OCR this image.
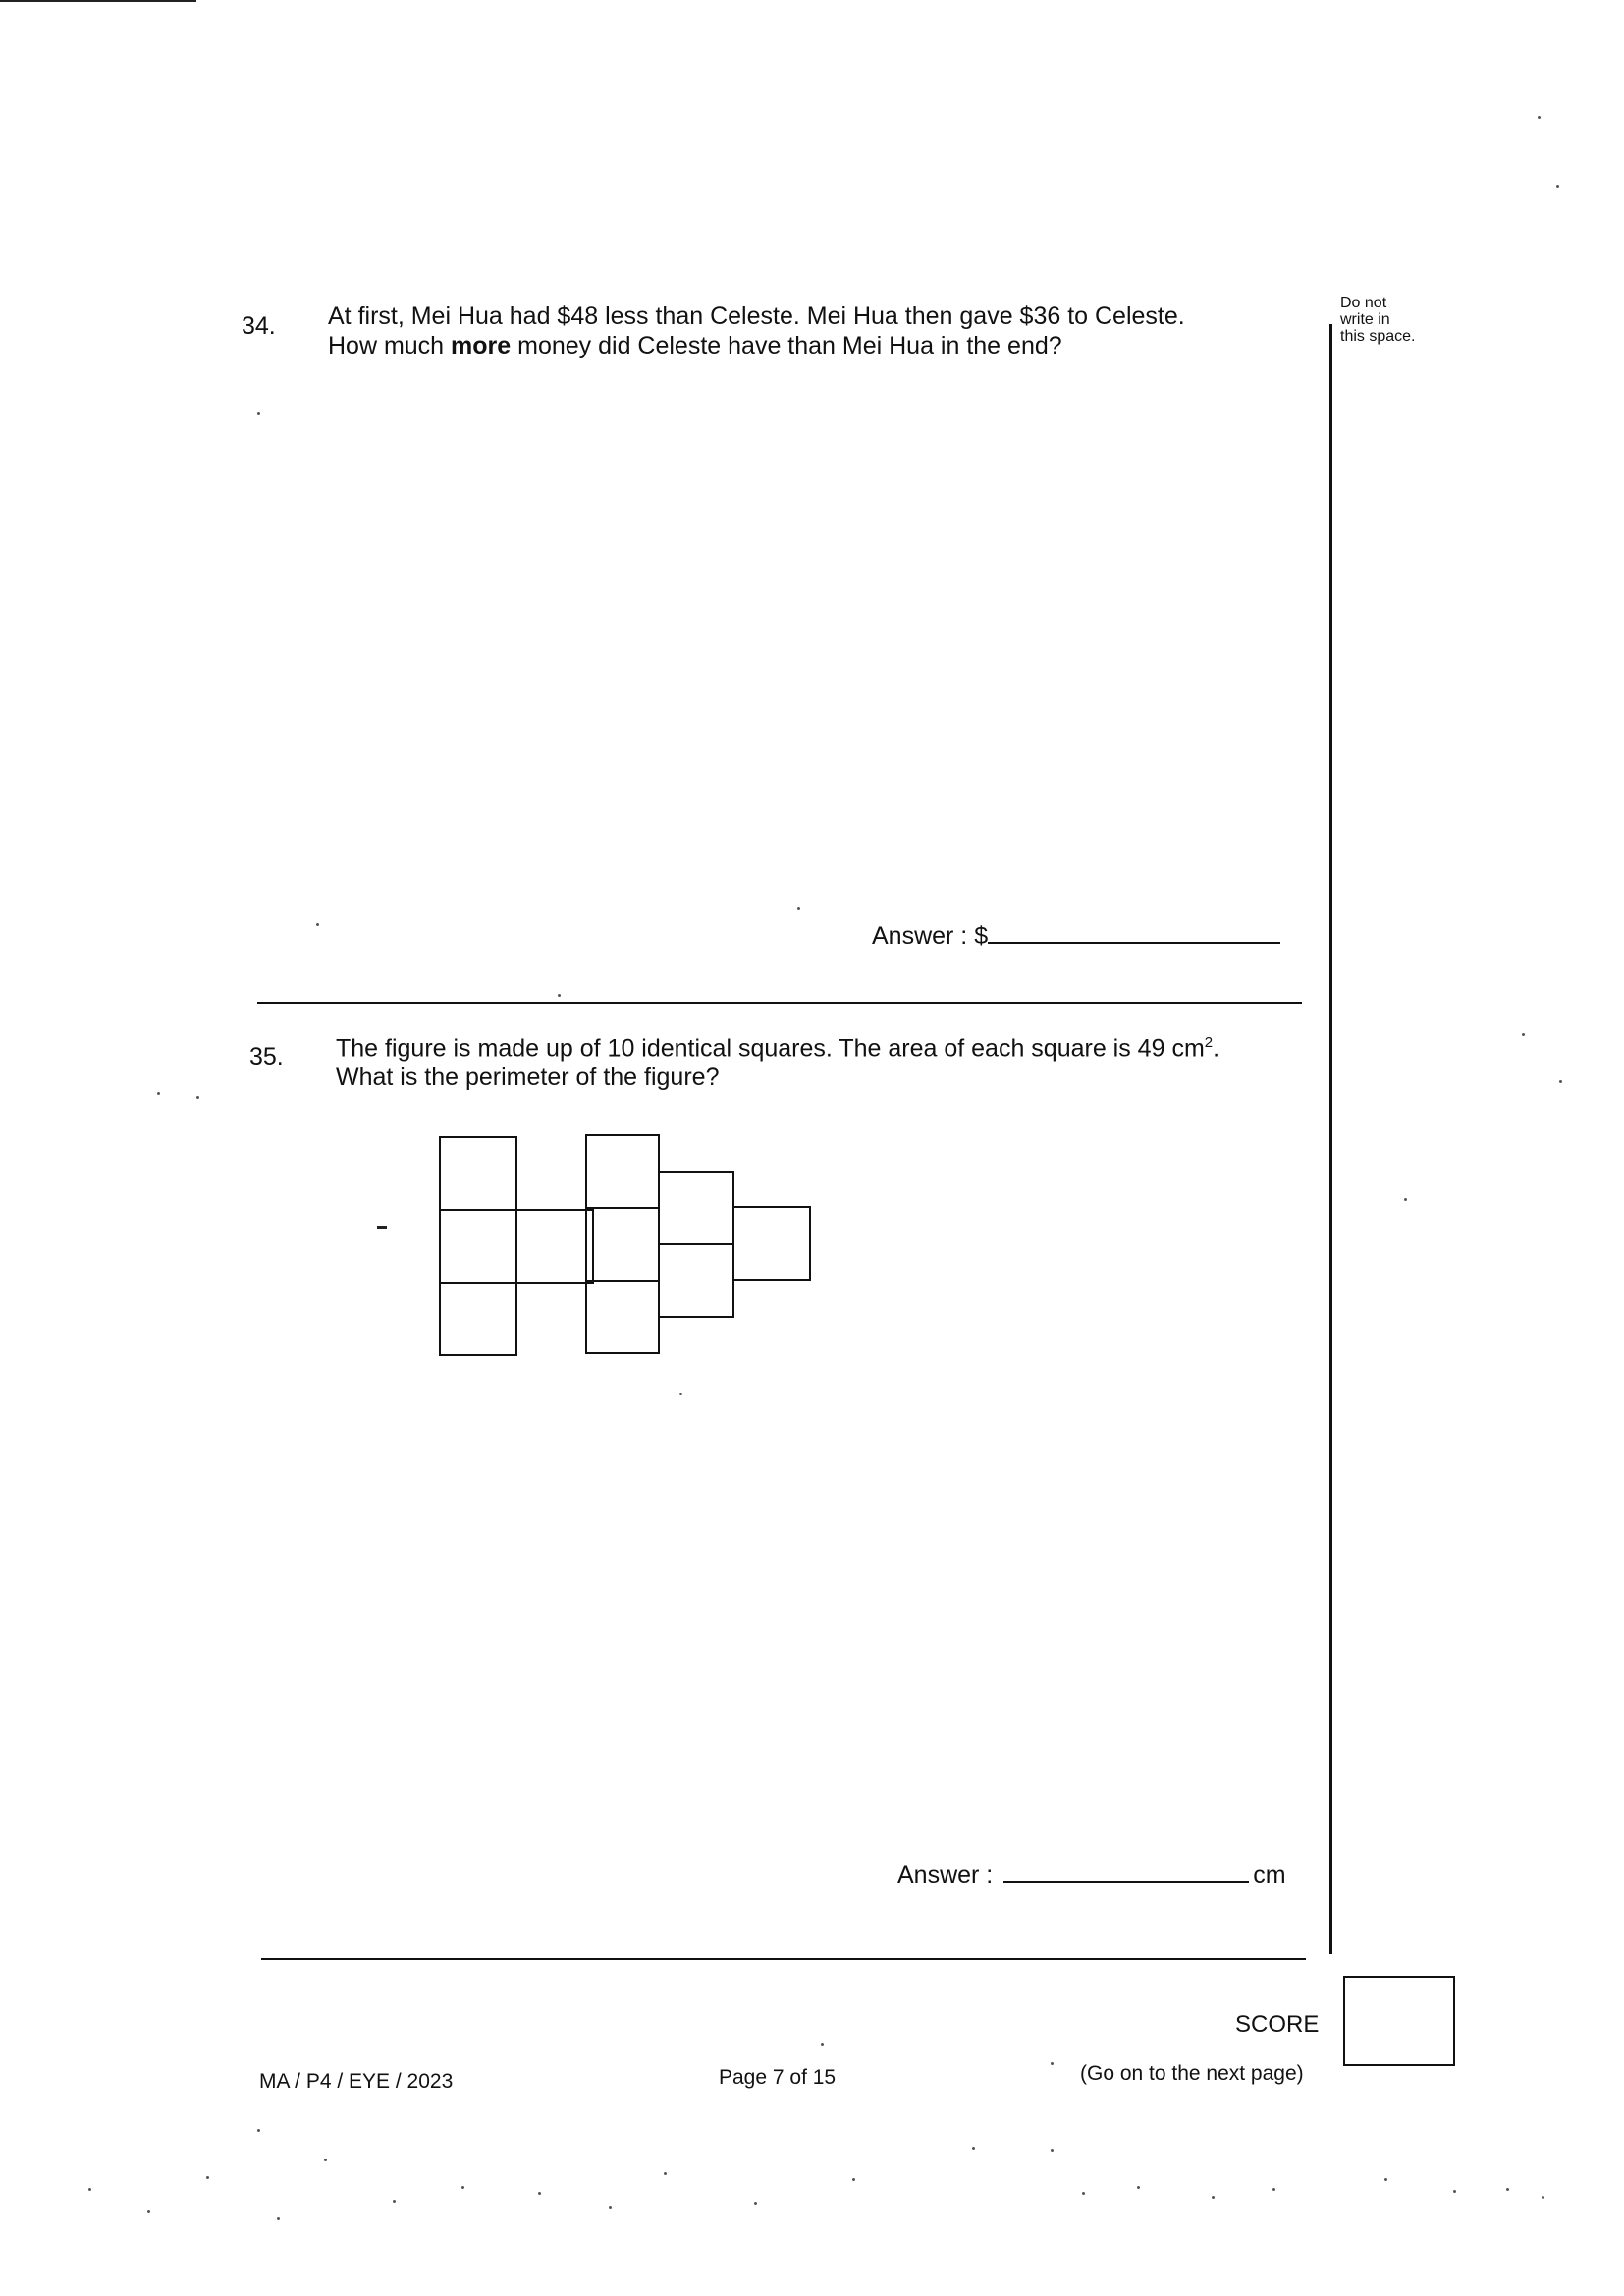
Do not
write in
this space.
34. At first, Mei Hua had $48 less than Celeste. Mei Hua then gave $36 to Celeste.
How much more money did Celeste have than Mei Hua in the end?
Answer : $
35. The figure is made up of 10 identical squares. The area of each square is 49 $cm^2$.
What is the perimeter of the figure?
Answer :	cm
SCORE
MA / P4 / EYE / 2023	Page 7 of 15	(Go on to the next page)
